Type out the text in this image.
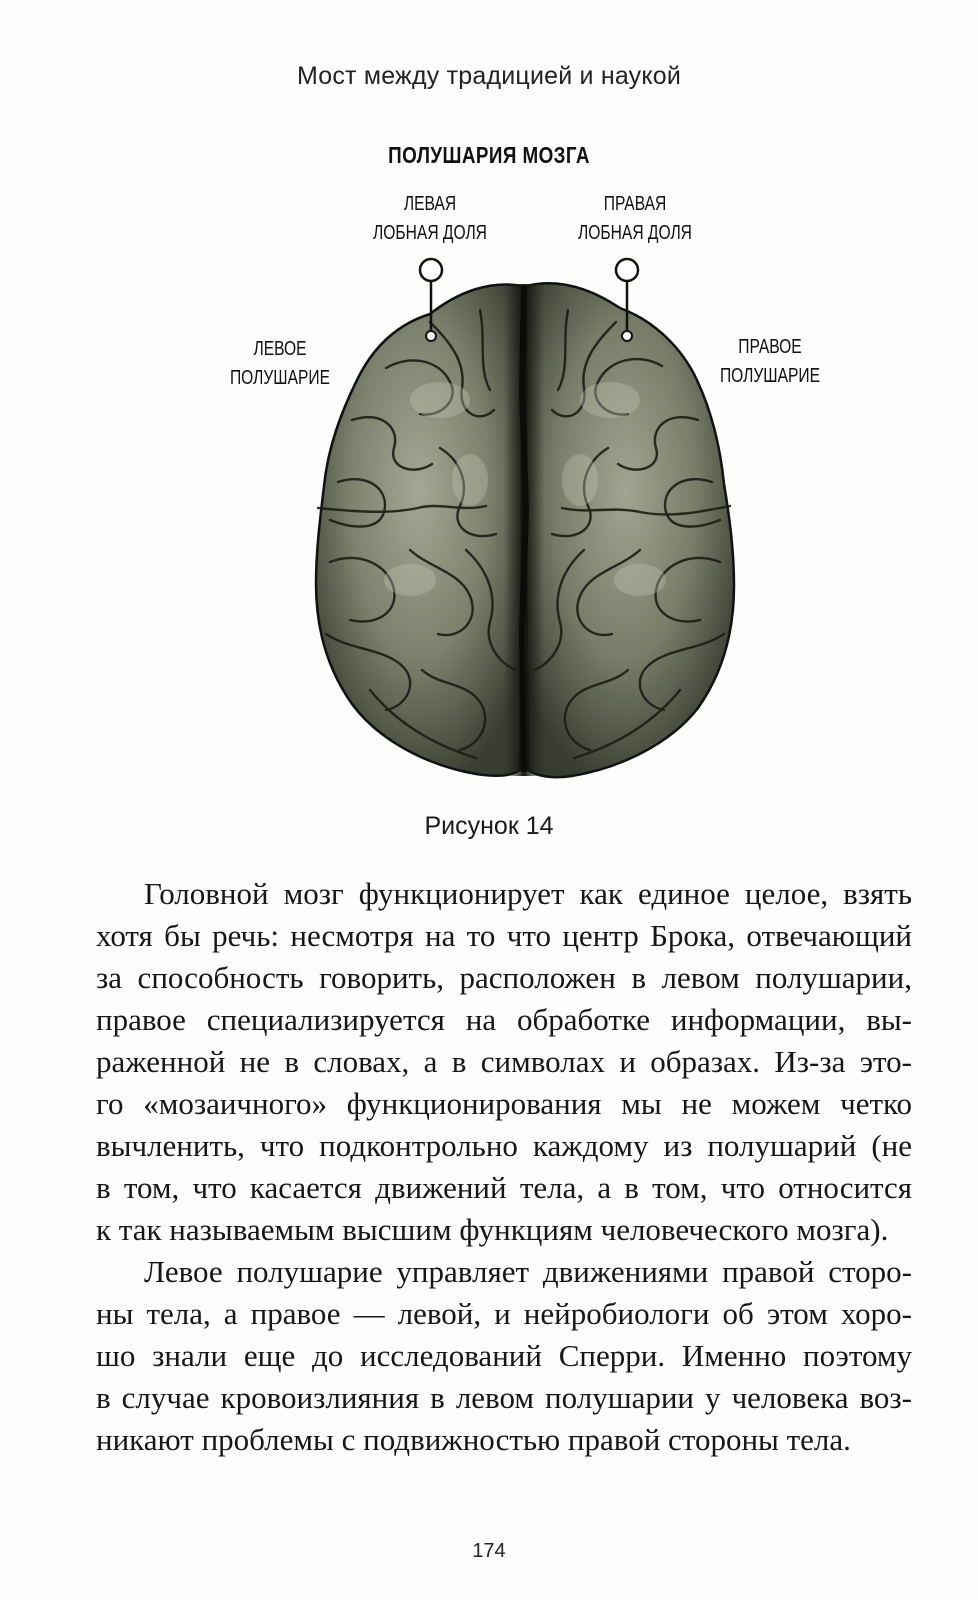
Мост между традицией и наукой
ПОЛУШАРИЯ МОЗГА
ЛЕВАЯ
ЛОБНАЯ ДОЛЯ
ПРАВАЯ
ЛОБНАЯ ДОЛЯ
ЛЕВОЕ
ПОЛУШАРИЕ
ПРАВОЕ
ПОЛУШАРИЕ
Рисунок 14
Головной мозг функционирует как единое целое, взять
хотя бы речь: несмотря на то что центр Брока, отвечающий
за способность говорить, расположен в левом полушарии,
правое специализируется на обработке информации, вы-
раженной не в словах, а в символах и образах. Из-за это-
го «мозаичного» функционирования мы не можем четко
вычленить, что подконтрольно каждому из полушарий (не
в том, что касается движений тела, а в том, что относится
к так называемым высшим функциям человеческого мозга).
Левое полушарие управляет движениями правой сторо-
ны тела, а правое — левой, и нейробиологи об этом хоро-
шо знали еще до исследований Сперри. Именно поэтому
в случае кровоизлияния в левом полушарии у человека воз-
никают проблемы с подвижностью правой стороны тела.
174
